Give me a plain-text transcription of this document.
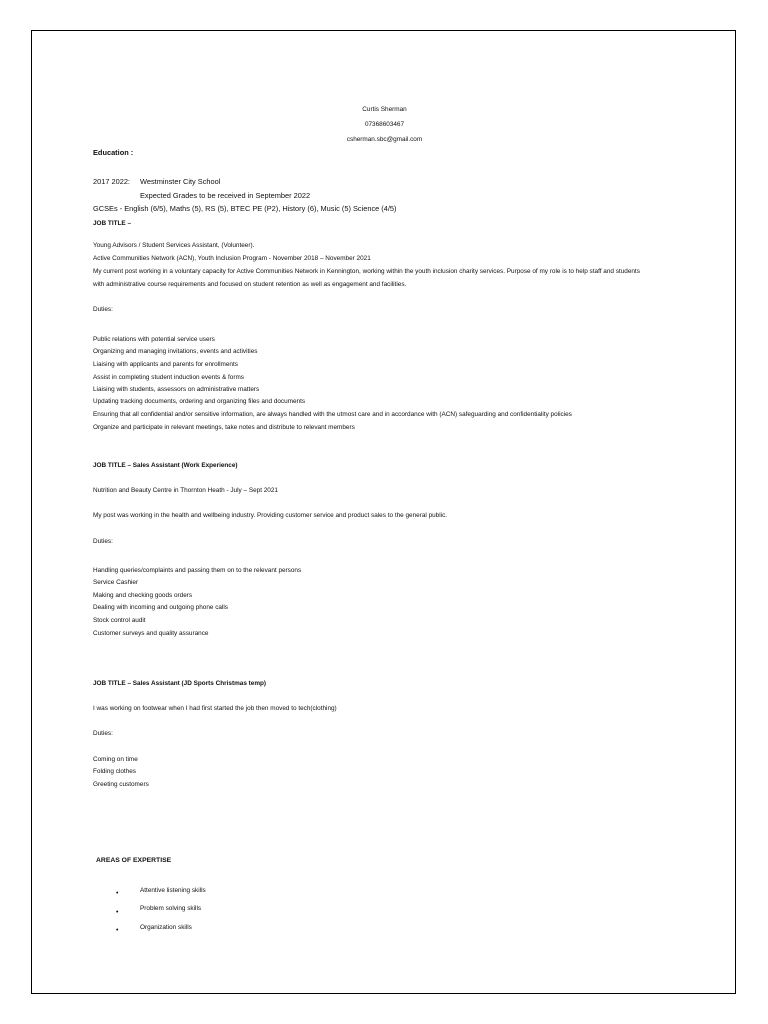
Curtis Sherman
07368603467
csherman.sbc@gmail.com
Education :
2017 2022: Westminster City School
Expected Grades to be received in September 2022
GCSEs - English (6/5), Maths (5), RS (5), BTEC PE (P2), History (6), Music (5) Science (4/5)
JOB TITLE –
Young Advisors / Student Services Assistant, (Volunteer).
Active Communities Network (ACN), Youth Inclusion Program - November 2018 – November 2021
My current post working in a voluntary capacity for Active Communities Network in Kennington, working within the youth inclusion charity services. Purpose of my role is to help staff and students
with administrative course requirements and focused on student retention as well as engagement and facilities.
Duties:
Public relations with potential service users
Organizing and managing invitations, events and activities
Liaising with applicants and parents for enrollments
Assist in completing student induction events & forms
Liaising with students, assessors on administrative matters
Updating tracking documents, ordering and organizing files and documents
Ensuring that all confidential and/or sensitive information, are always handled with the utmost care and in accordance with (ACN) safeguarding and confidentiality policies
Organize and participate in relevant meetings, take notes and distribute to relevant members
JOB TITLE – Sales Assistant (Work Experience)
Nutrition and Beauty Centre in Thornton Heath - July – Sept 2021
My post was working in the health and wellbeing industry. Providing customer service and product sales to the general public.
Duties:
Handling queries/complaints and passing them on to the relevant persons
Service Cashier
Making and checking goods orders
Dealing with incoming and outgoing phone calls
Stock control audit
Customer surveys and quality assurance
JOB TITLE – Sales Assistant (JD Sports Christmas temp)
I was working on footwear when I had first started the job then moved to tech(clothing)
Duties:
Coming on time
Folding clothes
Greeting customers
AREAS OF EXPERTISE
•	Attentive listening skills
•
Problem solving skills
•	Organization skills
